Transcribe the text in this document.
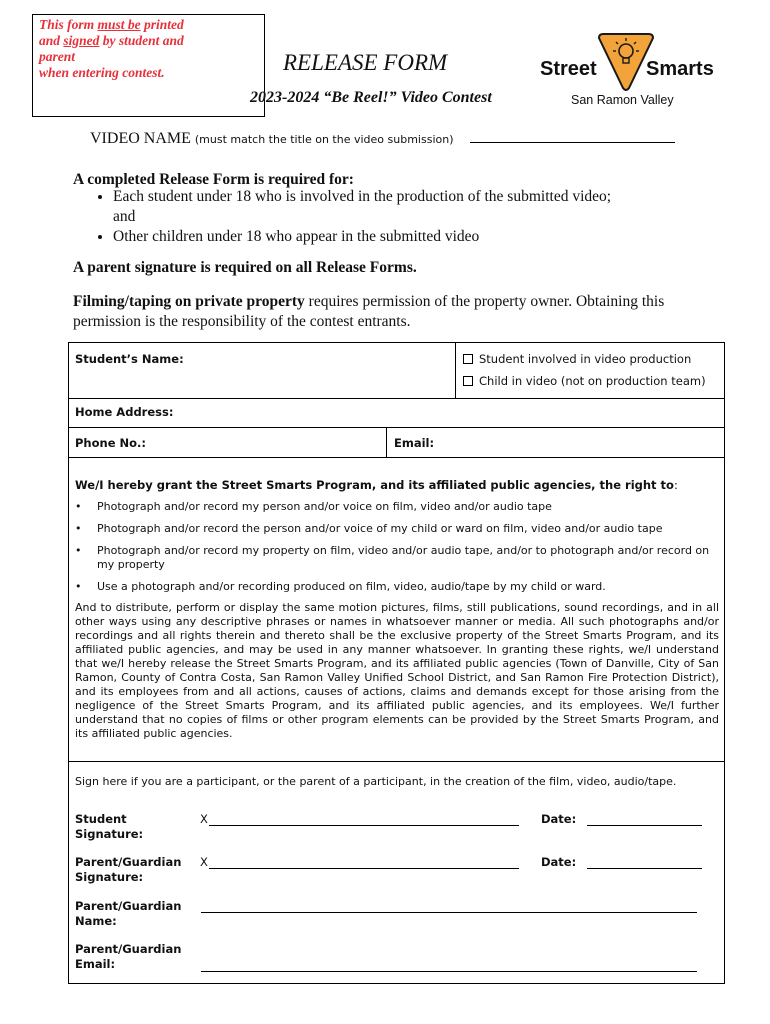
This form must be printed
and signed by student and
parent
when entering contest.	RELEASE FORM
2023-2024 “Be Reel!” Video Contest
Street Smarts
San Ramon Valley
VIDEO NAME (must match the title on the video submission)
A completed Release Form is required for:
• Each student under 18 who is involved in the production of the submitted video;
and
• Other children under 18 who appear in the submitted video
A parent signature is required on all Release Forms.
Filming/taping on private property requires permission of the property owner. Obtaining this permission is the responsibility of the contest entrants.
Student’s Name:	Student involved in video production
Child in video (not on production team)
Home Address:
Phone No.:	Email:
We/I hereby grant the Street Smarts Program, and its affiliated public agencies, the right to:
• Photograph and/or record my person and/or voice on film, video and/or audio tape
• Photograph and/or record the person and/or voice of my child or ward on film, video and/or audio tape
• Photograph and/or record my property on film, video and/or audio tape, and/or to photograph and/or record on my property
• Use a photograph and/or recording produced on film, video, audio/tape by my child or ward.
And to distribute, perform or display the same motion pictures, films, still publications, sound recordings, and in all other ways using any descriptive phrases or names in whatsoever manner or media. All such photographs and/or recordings and all rights therein and thereto shall be the exclusive property of the Street Smarts Program, and its affiliated public agencies, and may be used in any manner whatsoever. In granting these rights, we/I understand that we/I hereby release the Street Smarts Program, and its affiliated public agencies (Town of Danville, City of San Ramon, County of Contra Costa, San Ramon Valley Unified School District, and San Ramon Fire Protection District), and its employees from and all actions, causes of actions, claims and demands except for those arising from the negligence of the Street Smarts Program, and its affiliated public agencies, and its employees. We/I further understand that no copies of films or other program elements can be provided by the Street Smarts Program, and its affiliated public agencies.
Sign here if you are a participant, or the parent of a participant, in the creation of the film, video, audio/tape.
Student
Signature:
X	Date:
Parent/Guardian
Signature:
X	Date:
Parent/Guardian
Name:
Parent/Guardian
Email:
